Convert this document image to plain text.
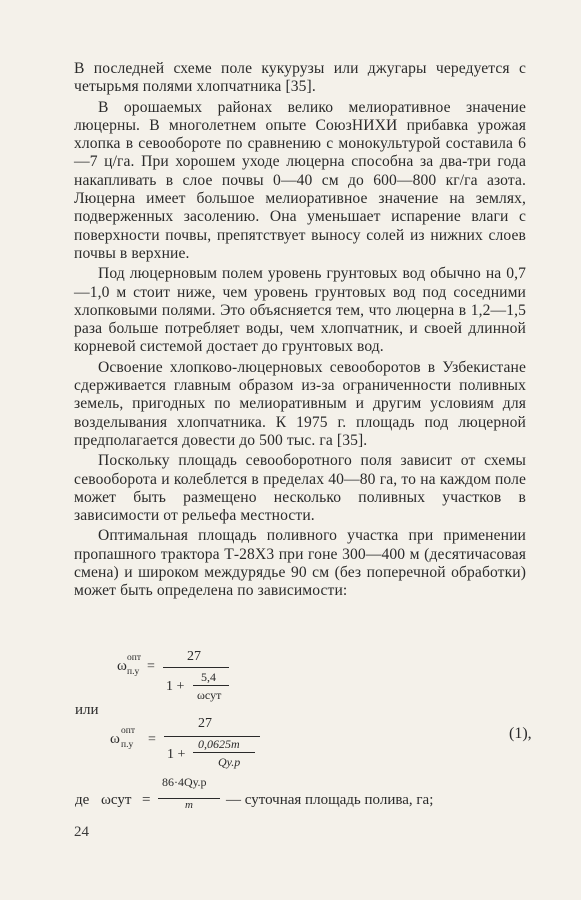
В последней схеме поле кукурузы или джугары чередуется с четырьмя полями хлопчатника [35].

В орошаемых районах велико мелиоративное значение люцерны. В многолетнем опыте СоюзНИХИ прибавка урожая хлопка в севообороте по сравнению с монокультурой составила 6—7 ц/га. При хорошем уходе люцерна способна за два-три года накапливать в слое почвы 0—40 см до 600—800 кг/га азота. Люцерна имеет большое мелиоративное значение на землях, подверженных засолению. Она уменьшает испарение влаги с поверхности почвы, препятствует выносу солей из нижних слоев почвы в верхние.

Под люцерновым полем уровень грунтовых вод обычно на 0,7—1,0 м стоит ниже, чем уровень грунтовых вод под соседними хлопковыми полями. Это объясняется тем, что люцерна в 1,2—1,5 раза больше потребляет воды, чем хлопчатник, и своей длинной корневой системой достает до грунтовых вод.

Освоение хлопково-люцерновых севооборотов в Узбекистане сдерживается главным образом из-за ограниченности поливных земель, пригодных по мелиоративным и другим условиям для возделывания хлопчатника. К 1975 г. площадь под люцерной предполагается довести до 500 тыс. га [35].

Поскольку площадь севооборотного поля зависит от схемы севооборота и колеблется в пределах 40—80 га, то на каждом поле может быть размещено несколько поливных участков в зависимости от рельефа местности.

Оптимальная площадь поливного участка при применении пропашного трактора Т-28Х3 при гоне 300—400 м (десятичасовая смена) и широком междурядье 90 см (без поперечной обработки) может быть определена по зависимости:

ω опт
п.у =
27
1 +
5,4
ωсут
или
ω опт
п.у =
27
1 +
0,0625m
Qу.р
(1),
де ωсут =
86·4Qу.р
m — суточная площадь полива, га;
24
